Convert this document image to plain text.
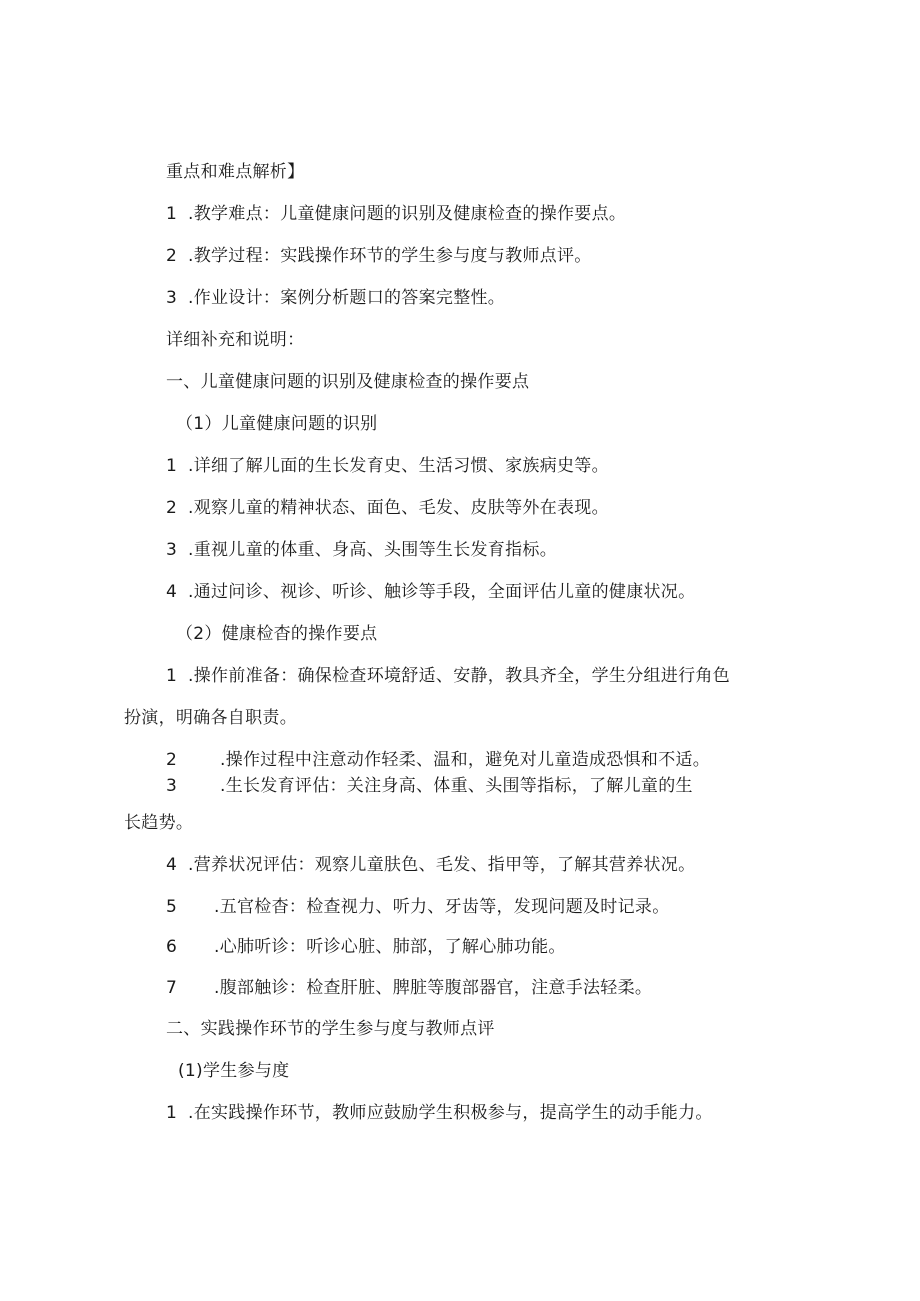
重点和难点解析】
1 .教学难点：儿童健康问题的识别及健康检查的操作要点。
2 .教学过程：实践操作环节的学生参与度与教师点评。
3 .作业设计：案例分析题口的答案完整性。
详细补充和说明：
一、儿童健康问题的识别及健康检查的操作要点
（1）儿童健康问题的识别
1 .详细了解儿面的生长发育史、生活习惯、家族病史等。
2 .观察儿童的精神状态、面色、毛发、皮肤等外在表现。
3 .重视儿童的体重、身高、头围等生长发育指标。
4 .通过问诊、视诊、听诊、触诊等手段，全面评估儿童的健康状况。
（2）健康检杳的操作要点
1 .操作前准备：确保检查环境舒适、安静，教具齐全，学生分组进行角色
扮演，明确各自职责。
2	.操作过程中注意动作轻柔、温和，避免对儿童造成恐惧和不适。
3	.生长发育评估：关注身高、体重、头围等指标，了解儿童的生
长趋势。
4 .营养状况评估：观察儿童肤色、毛发、指甲等，了解其营养状况。
5 .五官检杳：检查视力、听力、牙齿等，发现问题及时记录。
6 .心肺听诊：听诊心脏、肺部，了解心肺功能。
7 .腹部触诊：检查肝脏、脾脏等腹部器官，注意手法轻柔。
二、实践操作环节的学生参与度与教师点评
(1)学生参与度
1 .在实践操作环节，教师应鼓励学生积极参与，提高学生的动手能力。
